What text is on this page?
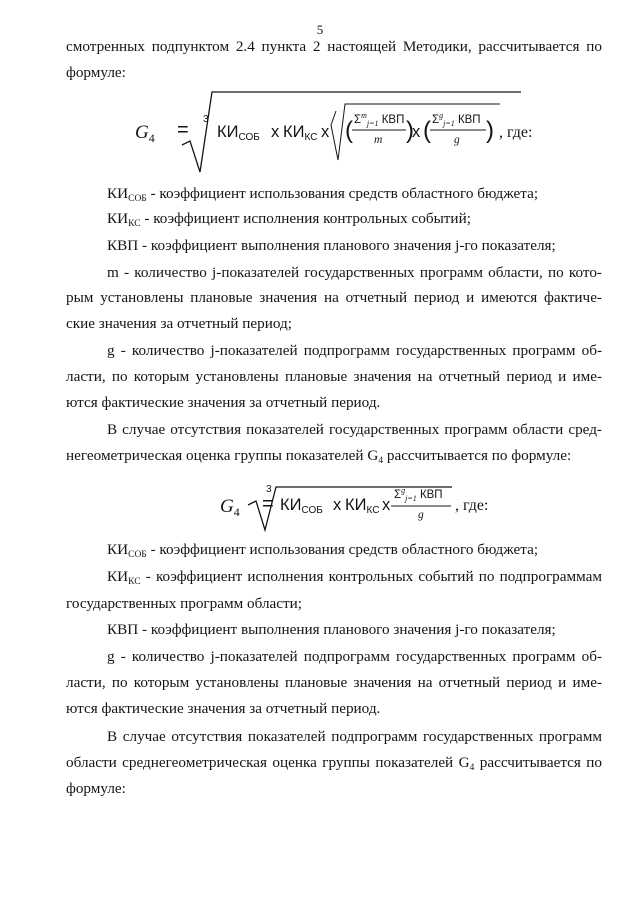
5
смотренных подпунктом 2.4 пункта 2 настоящей Методики, рассчитывается по
формуле:
$G_4 = 3$
$КИ_{СОБ}$ x $КИ_{КС}$ x ( $\Sigma^m_{j=1}$ КВП
m )
x ( $\Sigma^g_{j=1}$ КВП
g ) , где:
$КИ_{СОБ}$ - коэффициент использования средств областного бюджета;
$КИ_{КС}$ - коэффициент исполнения контрольных событий;
КВП - коэффициент выполнения планового значения j-го показателя;
m - количество j-показателей государственных программ области, по кото-
рым установлены плановые значения на отчетный период и имеются фактиче-
ские значения за отчетный период;
g - количество j-показателей подпрограмм государственных программ об-
ласти, по которым установлены плановые значения на отчетный период и име-
ются фактические значения за отчетный период.
В случае отсутствия показателей государственных программ области сред-
негеометрическая оценка группы показателей $G_4$ рассчитывается по формуле:
$G_4$ =
3
$КИ_{СОБ}$ x $КИ_{КС}$ x
$\Sigma^g_{j=1}$ КВП
g
, где:
$КИ_{СОБ}$ - коэффициент использования средств областного бюджета;
$КИ_{КС}$ - коэффициент исполнения контрольных событий по подпрограммам
государственных программ области;
КВП - коэффициент выполнения планового значения j-го показателя;
g - количество j-показателей подпрограмм государственных программ об-
ласти, по которым установлены плановые значения на отчетный период и име-
ются фактические значения за отчетный период.
В случае отсутствия показателей подпрограмм государственных программ
области среднегеометрическая оценка группы показателей $G_4$ рассчитывается по
формуле:
